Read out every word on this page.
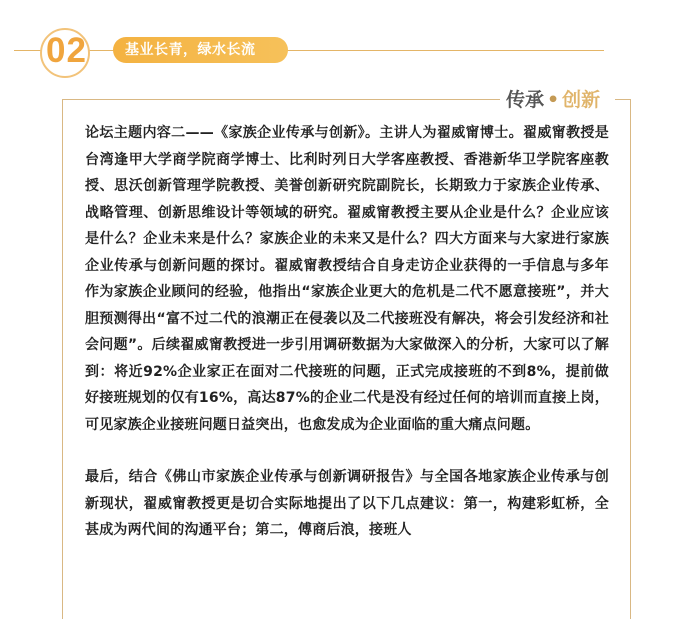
02	基业长青，绿水长流
传承 • 创新

论坛主题内容二——《家族企业传承与创新》。主讲人为翟威甯博士。翟威甯教授是台湾逢甲大学商学院商学博士、比利时列日大学客座教授、香港新华卫学院客座教授、思沃创新管理学院教授、美誉创新研究院副院长，长期致力于家族企业传承、战略管理、创新思维设计等领域的研究。翟威甯教授主要从企业是什么？企业应该是什么？企业未来是什么？家族企业的未来又是什么？四大方面来与大家进行家族企业传承与创新问题的探讨。翟威甯教授结合自身走访企业获得的一手信息与多年作为家族企业顾问的经验，他指出“家族企业更大的危机是二代不愿意接班”，并大胆预测得出“富不过二代的浪潮正在侵袭以及二代接班没有解决，将会引发经济和社会问题”。后续翟威甯教授进一步引用调研数据为大家做深入的分析，大家可以了解到：将近92%企业家正在面对二代接班的问题，正式完成接班的不到8%，提前做好接班规划的仅有16%，高达87%的企业二代是没有经过任何的培训而直接上岗，可见家族企业接班问题日益突出，也愈发成为企业面临的重大痛点问题。

最后，结合《佛山市家族企业传承与创新调研报告》与全国各地家族企业传承与创新现状，翟威甯教授更是切合实际地提出了以下几点建议：第一，构建彩虹桥，全甚成为两代间的沟通平台；第二，傅商后浪，接班人
